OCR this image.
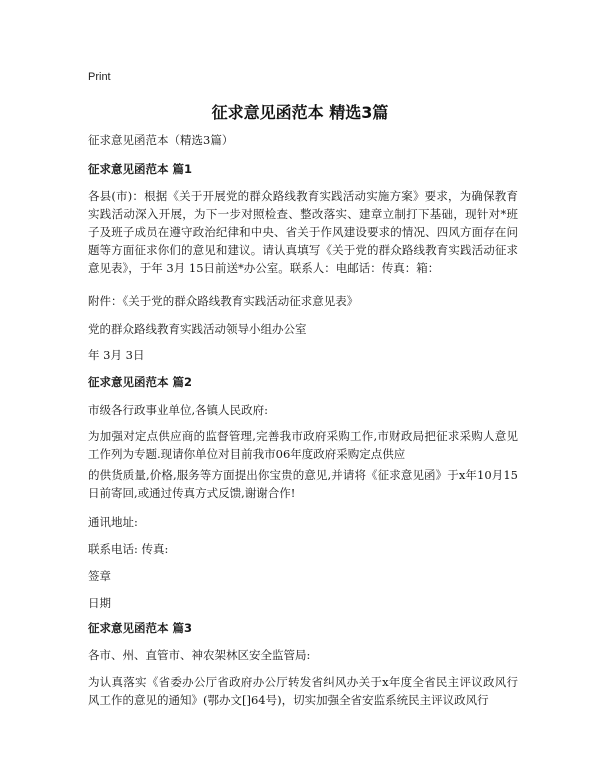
Print
征求意见函范本 精选3篇
征求意见函范本（精选3篇）
征求意见函范本 篇1
各县(市)：根据《关于开展党的群众路线教育实践活动实施方案》要求，为确保教育实践活动深入开展，为下一步对照检查、整改落实、建章立制打下基础，现针对*班子及班子成员在遵守政治纪律和中央、省关于作风建设要求的情况、四风方面存在问题等方面征求你们的意见和建议。请认真填写《关于党的群众路线教育实践活动征求意见表》，于年 3月 15日前送*办公室。联系人：电邮话：传真：箱：
附件：《关于党的群众路线教育实践活动征求意见表》
党的群众路线教育实践活动领导小组办公室
年 3月 3日
征求意见函范本 篇2
市级各行政事业单位,各镇人民政府:
为加强对定点供应商的监督管理,完善我市政府采购工作,市财政局把征求采购人意见工作列为专题.现请你单位对目前我市06年度政府采购定点供应
的供货质量,价格,服务等方面提出你宝贵的意见,并请将《征求意见函》于x年10月15日前寄回,或通过传真方式反馈,谢谢合作!
通讯地址:
联系电话: 传真:
签章
日期
征求意见函范本 篇3
各市、州、直管市、神农架林区安全监管局:
为认真落实《省委办公厅省政府办公厅转发省纠风办关于x年度全省民主评议政风行风工作的意见的通知》(鄂办文[]64号)，切实加强全省安监系统民主评议政风行
